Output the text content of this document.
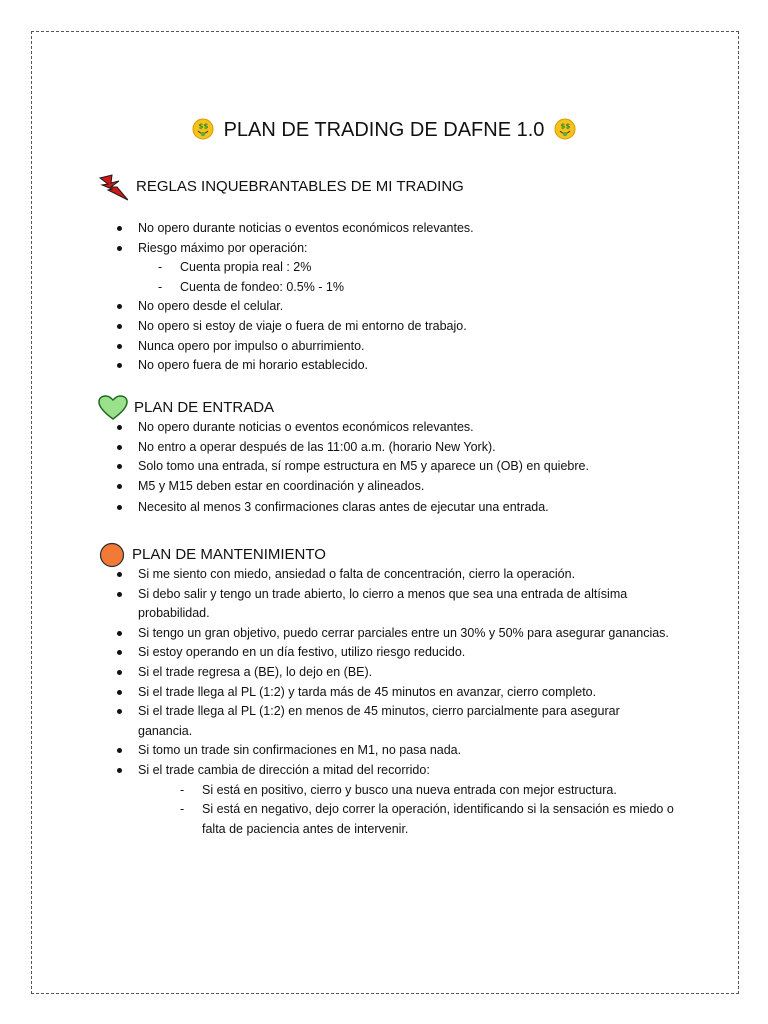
$ $ PLAN DE TRADING DE DAFNE 1.0 $ $
REGLAS INQUEBRANTABLES DE MI TRADING
No opero durante noticias o eventos económicos relevantes.
Riesgo máximo por operación:
- Cuenta propia real : 2%
- Cuenta de fondeo: 0.5% - 1%
No opero desde el celular.
No opero si estoy de viaje o fuera de mi entorno de trabajo.
Nunca opero por impulso o aburrimiento.
No opero fuera de mi horario establecido.
PLAN DE ENTRADA
No opero durante noticias o eventos económicos relevantes.
No entro a operar después de las 11:00 a.m. (horario New York).
Solo tomo una entrada, sí rompe estructura en M5 y aparece un (OB) en quiebre.
M5 y M15 deben estar en coordinación y alineados.
Necesito al menos 3 confirmaciones claras antes de ejecutar una entrada.
PLAN DE MANTENIMIENTO
Si me siento con miedo, ansiedad o falta de concentración, cierro la operación.
Si debo salir y tengo un trade abierto, lo cierro a menos que sea una entrada de altísima probabilidad.
Si tengo un gran objetivo, puedo cerrar parciales entre un 30% y 50% para asegurar ganancias.
Si estoy operando en un día festivo, utilizo riesgo reducido.
Si el trade regresa a (BE), lo dejo en (BE).
Si el trade llega al PL (1:2) y tarda más de 45 minutos en avanzar, cierro completo.
Si el trade llega al PL (1:2) en menos de 45 minutos, cierro parcialmente para asegurar ganancia.
Si tomo un trade sin confirmaciones en M1, no pasa nada.
Si el trade cambia de dirección a mitad del recorrido:
-	Si está en positivo, cierro y busco una nueva entrada con mejor estructura.
-	Si está en negativo, dejo correr la operación, identificando si la sensación es miedo o falta de paciencia antes de intervenir.
